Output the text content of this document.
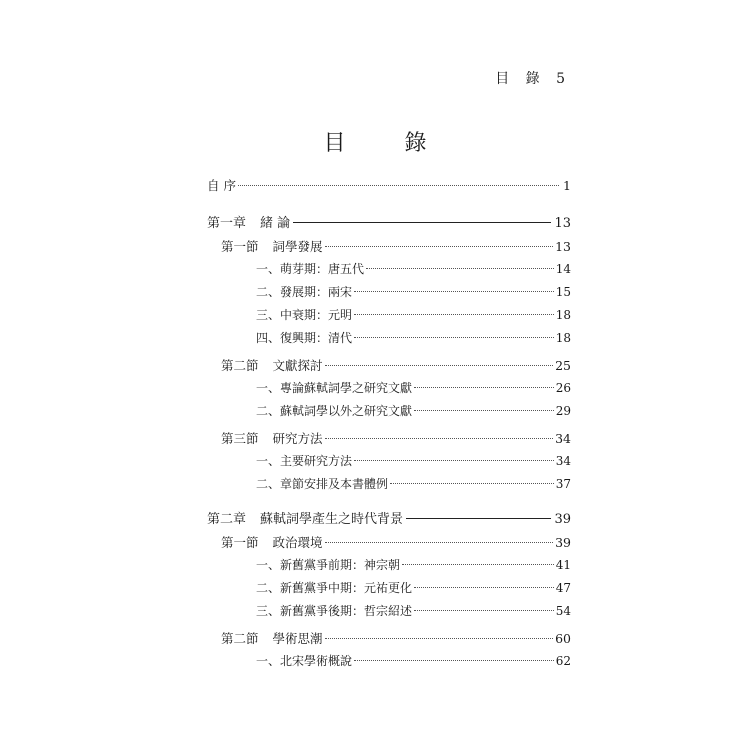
目 錄 5
目 錄
自 序	1
第一章 緒 論	13
第一節 詞學發展	13
一、萌芽期：唐五代	14
二、發展期：兩宋	15
三、中衰期：元明	18
四、復興期：清代	18
第二節 文獻探討	25
一、專論蘇軾詞學之研究文獻	26
二、蘇軾詞學以外之研究文獻	29
第三節 研究方法	34
一、主要研究方法	34
二、章節安排及本書體例	37
第二章 蘇軾詞學產生之時代背景	39
第一節 政治環境	39
一、新舊黨爭前期：神宗朝	41
二、新舊黨爭中期：元祐更化	47
三、新舊黨爭後期：哲宗紹述	54
第二節 學術思潮	60
一、北宋學術概說	62
